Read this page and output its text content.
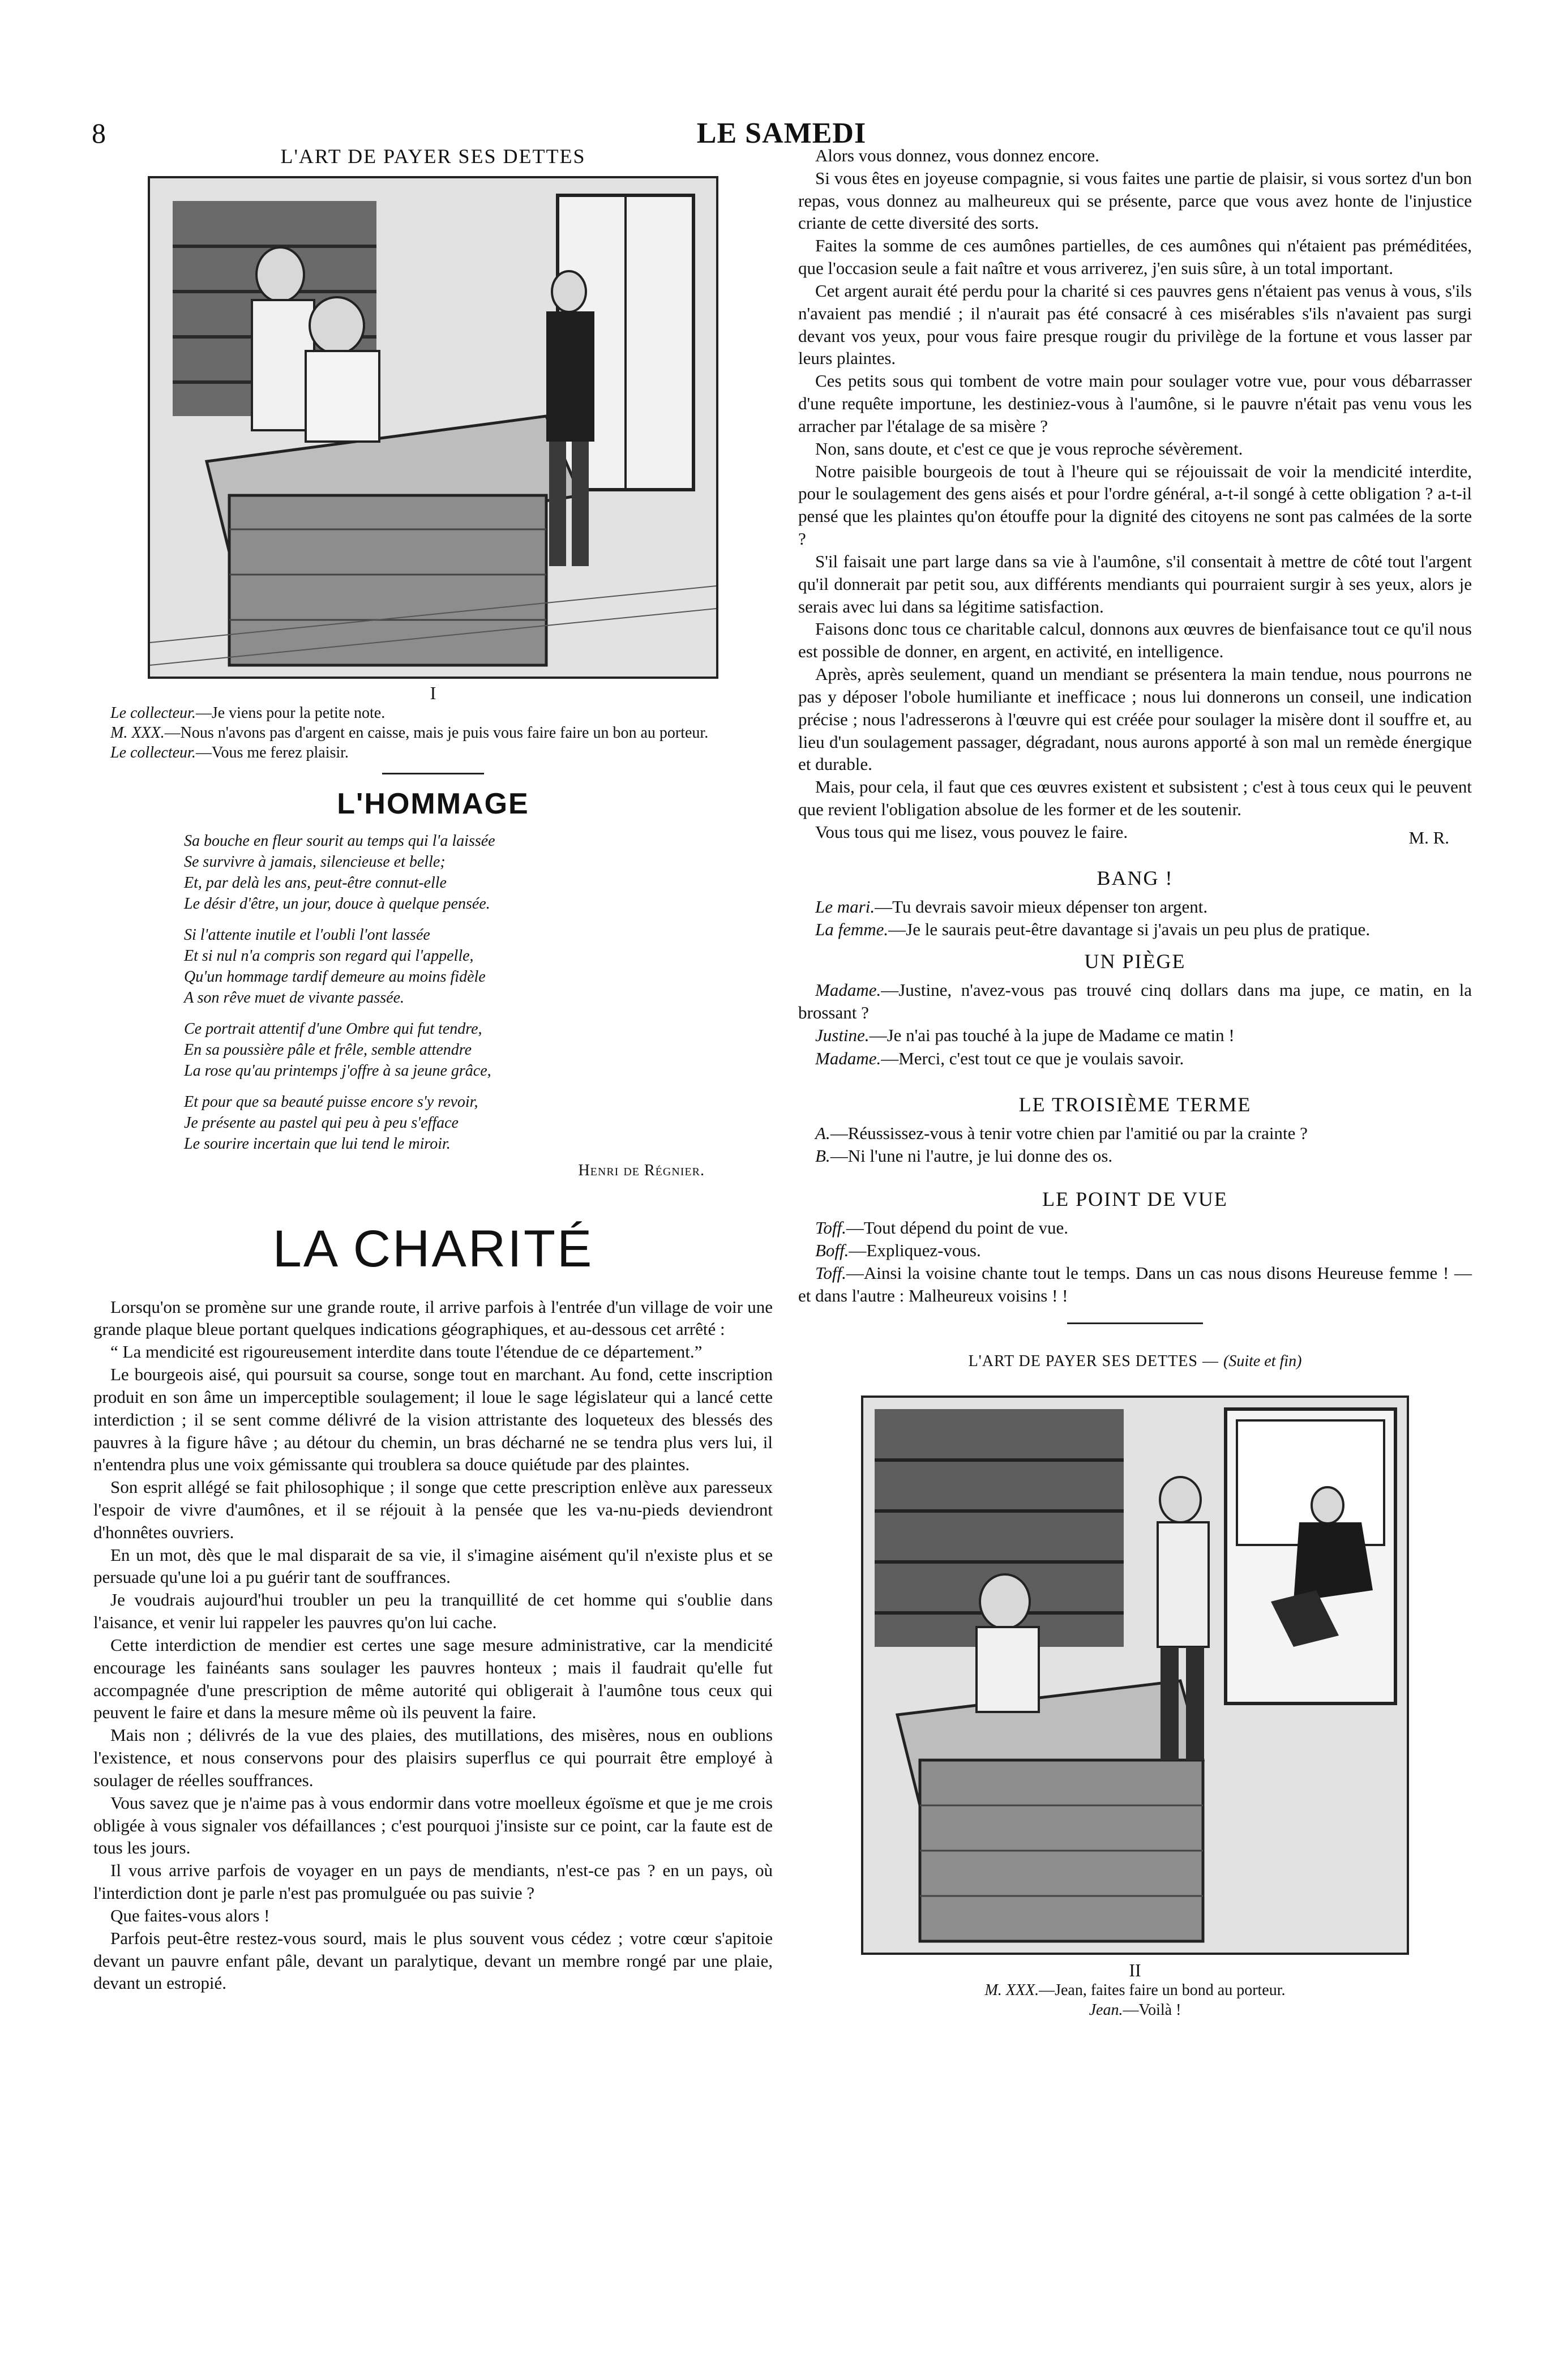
8	LE SAMEDI

L'ART DE PAYER SES DETTES

I

Le collecteur.—Je viens pour la petite note.

M. XXX.—Nous n'avons pas d'argent en caisse, mais je puis vous faire faire un bon au porteur.

Le collecteur.—Vous me ferez plaisir.

L'HOMMAGE

Sa bouche en fleur sourit au temps qui l'a laissée

Se survivre à jamais, silencieuse et belle;

Et, par delà les ans, peut-être connut-elle

Le désir d'être, un jour, douce à quelque pensée.

Si l'attente inutile et l'oubli l'ont lassée

Et si nul n'a compris son regard qui l'appelle,

Qu'un hommage tardif demeure au moins fidèle

A son rêve muet de vivante passée.

Ce portrait attentif d'une Ombre qui fut tendre,

En sa poussière pâle et frêle, semble attendre

La rose qu'au printemps j'offre à sa jeune grâce,

Et pour que sa beauté puisse encore s'y revoir,

Je présente au pastel qui peu à peu s'efface

Le sourire incertain que lui tend le miroir.

Henri de Régnier.

LA CHARITÉ

Lorsqu'on se promène sur une grande route, il arrive parfois à l'entrée d'un village de voir une grande plaque bleue portant quelques indications géographiques, et au-dessous cet arrêté :

“ La mendicité est rigoureusement interdite dans toute l'étendue de ce département.”

Le bourgeois aisé, qui poursuit sa course, songe tout en marchant. Au fond, cette inscription produit en son âme un imperceptible soulagement; il loue le sage législateur qui a lancé cette interdiction ; il se sent comme délivré de la vision attristante des loqueteux des blessés des pauvres à la figure hâve ; au détour du chemin, un bras décharné ne se tendra plus vers lui, il n'entendra plus une voix gémissante qui troublera sa douce quiétude par des plaintes.

Son esprit allégé se fait philosophique ; il songe que cette prescription enlève aux paresseux l'espoir de vivre d'aumônes, et il se réjouit à la pensée que les va-nu-pieds deviendront d'honnêtes ouvriers.

En un mot, dès que le mal disparait de sa vie, il s'imagine aisément qu'il n'existe plus et se persuade qu'une loi a pu guérir tant de souffrances.

Je voudrais aujourd'hui troubler un peu la tranquillité de cet homme qui s'oublie dans l'aisance, et venir lui rappeler les pauvres qu'on lui cache.

Cette interdiction de mendier est certes une sage mesure administrative, car la mendicité encourage les fainéants sans soulager les pauvres honteux ; mais il faudrait qu'elle fut accompagnée d'une prescription de même autorité qui obligerait à l'aumône tous ceux qui peuvent le faire et dans la mesure même où ils peuvent la faire.

Mais non ; délivrés de la vue des plaies, des mutillations, des misères, nous en oublions l'existence, et nous conservons pour des plaisirs superflus ce qui pourrait être employé à soulager de réelles souffrances.

Vous savez que je n'aime pas à vous endormir dans votre moelleux égoïsme et que je me crois obligée à vous signaler vos défaillances ; c'est pourquoi j'insiste sur ce point, car la faute est de tous les jours.

Il vous arrive parfois de voyager en un pays de mendiants, n'est-ce pas ? en un pays, où l'interdiction dont je parle n'est pas promulguée ou pas suivie ?

Que faites-vous alors !

Parfois peut-être restez-vous sourd, mais le plus souvent vous cédez ; votre cœur s'apitoie devant un pauvre enfant pâle, devant un paralytique, devant un membre rongé par une plaie, devant un estropié.

Alors vous donnez, vous donnez encore.

Si vous êtes en joyeuse compagnie, si vous faites une partie de plaisir, si vous sortez d'un bon repas, vous donnez au malheureux qui se présente, parce que vous avez honte de l'injustice criante de cette diversité des sorts.

Faites la somme de ces aumônes partielles, de ces aumônes qui n'étaient pas préméditées, que l'occasion seule a fait naître et vous arriverez, j'en suis sûre, à un total important.

Cet argent aurait été perdu pour la charité si ces pauvres gens n'étaient pas venus à vous, s'ils n'avaient pas mendié ; il n'aurait pas été consacré à ces misérables s'ils n'avaient pas surgi devant vos yeux, pour vous faire presque rougir du privilège de la fortune et vous lasser par leurs plaintes.

Ces petits sous qui tombent de votre main pour soulager votre vue, pour vous débarrasser d'une requête importune, les destiniez-vous à l'aumône, si le pauvre n'était pas venu vous les arracher par l'étalage de sa misère ?

Non, sans doute, et c'est ce que je vous reproche sévèrement.

Notre paisible bourgeois de tout à l'heure qui se réjouissait de voir la mendicité interdite, pour le soulagement des gens aisés et pour l'ordre général, a-t-il songé à cette obligation ? a-t-il pensé que les plaintes qu'on étouffe pour la dignité des citoyens ne sont pas calmées de la sorte ?

S'il faisait une part large dans sa vie à l'aumône, s'il consentait à mettre de côté tout l'argent qu'il donnerait par petit sou, aux différents mendiants qui pourraient surgir à ses yeux, alors je serais avec lui dans sa légitime satisfaction.

Faisons donc tous ce charitable calcul, donnons aux œuvres de bienfaisance tout ce qu'il nous est possible de donner, en argent, en activité, en intelligence.

Après, après seulement, quand un mendiant se présentera la main tendue, nous pourrons ne pas y déposer l'obole humiliante et inefficace ; nous lui donnerons un conseil, une indication précise ; nous l'adresserons à l'œuvre qui est créée pour soulager la misère dont il souffre et, au lieu d'un soulagement passager, dégradant, nous aurons apporté à son mal un remède énergique et durable.

Mais, pour cela, il faut que ces œuvres existent et subsistent ; c'est à tous ceux qui le peuvent que revient l'obligation absolue de les former et de les soutenir.

Vous tous qui me lisez, vous pouvez le faire.	M. R.

BANG !

Le mari.—Tu devrais savoir mieux dépenser ton argent.

La femme.—Je le saurais peut-être davantage si j'avais un peu plus de pratique.

UN PIÈGE

Madame.—Justine, n'avez-vous pas trouvé cinq dollars dans ma jupe, ce matin, en la brossant ?

Justine.—Je n'ai pas touché à la jupe de Madame ce matin !

Madame.—Merci, c'est tout ce que je voulais savoir.

LE TROISIÈME TERME

A.—Réussissez-vous à tenir votre chien par l'amitié ou par la crainte ?

B.—Ni l'une ni l'autre, je lui donne des os.

LE POINT DE VUE

Toff.—Tout dépend du point de vue.

Boff.—Expliquez-vous.

Toff.—Ainsi la voisine chante tout le temps. Dans un cas nous disons Heureuse femme ! — et dans l'autre : Malheureux voisins ! !

L'ART DE PAYER SES DETTES — (Suite et fin)

II

M. XXX.—Jean, faites faire un bond au porteur.

Jean.—Voilà !
